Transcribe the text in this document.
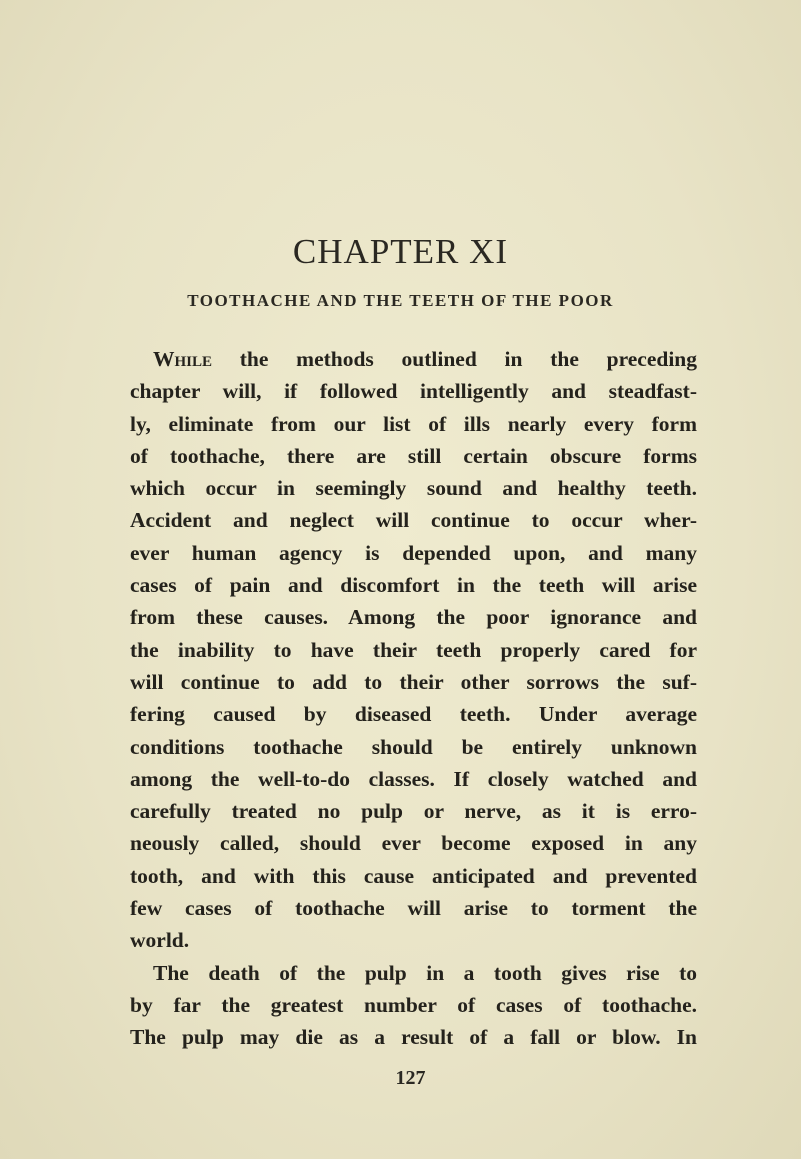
CHAPTER XI
TOOTHACHE AND THE TEETH OF THE POOR
While the methods outlined in the preceding
chapter will, if followed intelligently and steadfast-
ly, eliminate from our list of ills nearly every form
of toothache, there are still certain obscure forms
which occur in seemingly sound and healthy teeth.
Accident and neglect will continue to occur wher-
ever human agency is depended upon, and many
cases of pain and discomfort in the teeth will arise
from these causes. Among the poor ignorance and
the inability to have their teeth properly cared for
will continue to add to their other sorrows the suf-
fering caused by diseased teeth. Under average
conditions toothache should be entirely unknown
among the well-to-do classes. If closely watched and
carefully treated no pulp or nerve, as it is erro-
neously called, should ever become exposed in any
tooth, and with this cause anticipated and prevented
few cases of toothache will arise to torment the
world.
The death of the pulp in a tooth gives rise to
by far the greatest number of cases of toothache.
The pulp may die as a result of a fall or blow. In
127
